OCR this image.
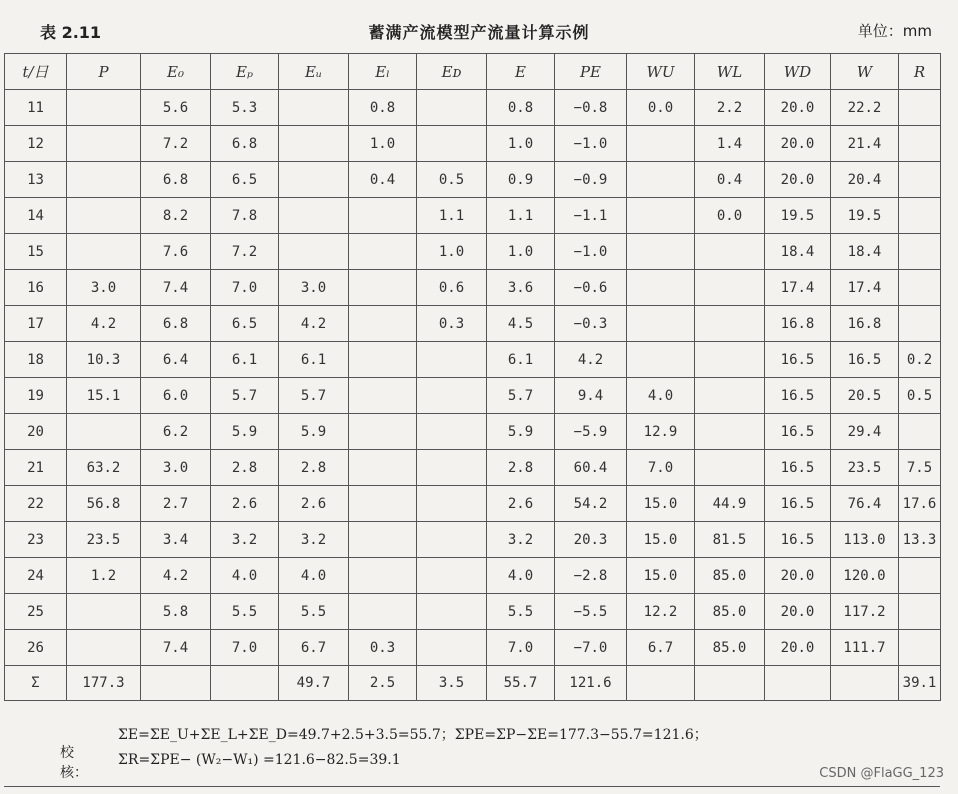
表 2.11	蓄满产流模型产流量计算示例	单位：mm
t/日	P	E₀	Eₚ	Eᵤ	Eₗ	Eᴅ	E	PE	WU	WL	WD	W	R
11		5.6	5.3		0.8		0.8	−0.8	0.0	2.2	20.0	22.2	
12		7.2	6.8		1.0		1.0	−1.0		1.4	20.0	21.4	
13		6.8	6.5		0.4	0.5	0.9	−0.9		0.4	20.0	20.4	
14		8.2	7.8			1.1	1.1	−1.1		0.0	19.5	19.5	
15		7.6	7.2			1.0	1.0	−1.0			18.4	18.4	
16	3.0	7.4	7.0	3.0		0.6	3.6	−0.6			17.4	17.4	
17	4.2	6.8	6.5	4.2		0.3	4.5	−0.3			16.8	16.8	
18	10.3	6.4	6.1	6.1			6.1	4.2			16.5	16.5	0.2
19	15.1	6.0	5.7	5.7			5.7	9.4	4.0		16.5	20.5	0.5
20		6.2	5.9	5.9			5.9	−5.9	12.9		16.5	29.4	
21	63.2	3.0	2.8	2.8			2.8	60.4	7.0		16.5	23.5	7.5
22	56.8	2.7	2.6	2.6			2.6	54.2	15.0	44.9	16.5	76.4	17.6
23	23.5	3.4	3.2	3.2			3.2	20.3	15.0	81.5	16.5	113.0	13.3
24	1.2	4.2	4.0	4.0			4.0	−2.8	15.0	85.0	20.0	120.0	
25		5.8	5.5	5.5			5.5	−5.5	12.2	85.0	20.0	117.2	
26		7.4	7.0	6.7	0.3		7.0	−7.0	6.7	85.0	20.0	111.7	
Σ	177.3			49.7	2.5	3.5	55.7	121.6					39.1
校核：
ΣE=ΣE_U+ΣE_L+ΣE_D=49.7+2.5+3.5=55.7；ΣPE=ΣP−ΣE=177.3−55.7=121.6；
ΣR=ΣPE− (W₂−W₁) =121.6−82.5=39.1
CSDN @FlaGG_123
